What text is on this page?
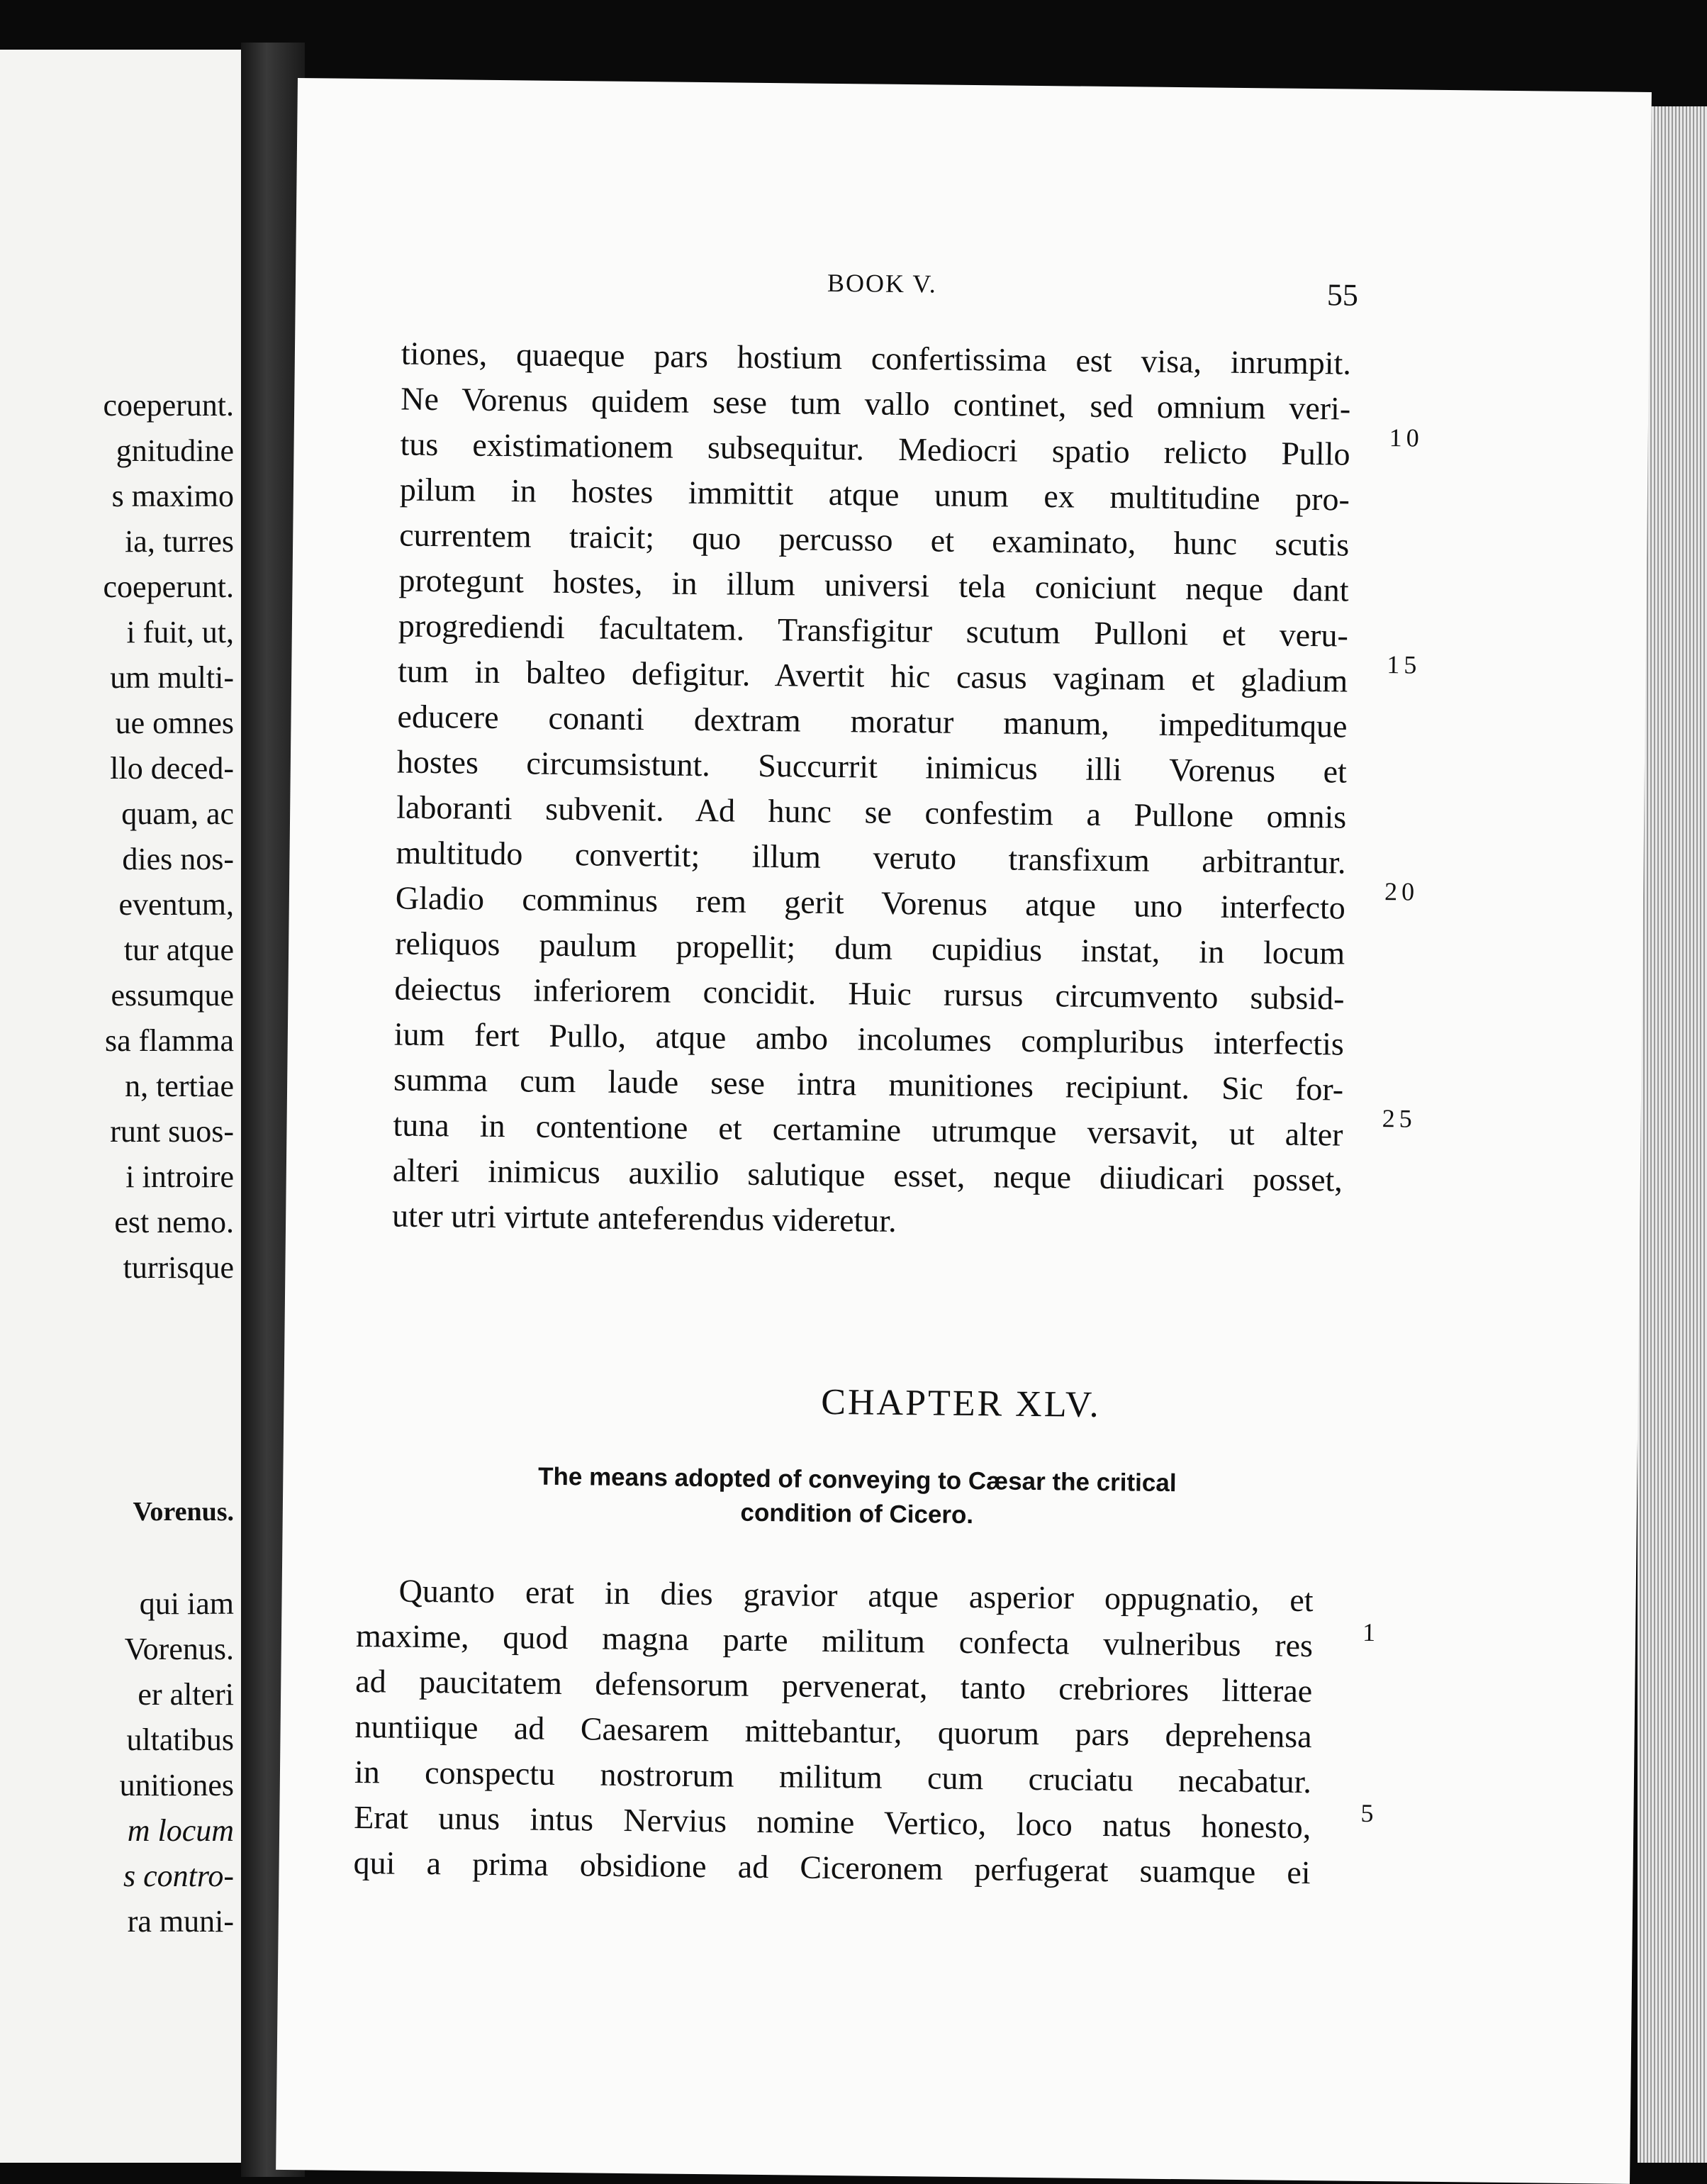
coeperunt.
gnitudine
s maximo
ia, turres
coeperunt.
i fuit, ut,
um multi-
ue omnes
llo deced-
quam, ac
dies nos-
eventum,
tur atque
essumque
sa flamma
n, tertiae
runt suos-
i introire
est nemo.
turrisque
Vorenus.
qui iam
Vorenus.
er alteri
ultatibus
unitiones
m locum
s contro-
ra muni-
BOOK V.	55
tiones, quaeque pars hostium confertissima est visa, inrumpit.
Ne Vorenus quidem sese tum vallo continet, sed omnium veri-
tus existimationem subsequitur. Mediocri spatio relicto Pullo
pilum in hostes immittit atque unum ex multitudine pro-
currentem traicit; quo percusso et examinato, hunc scutis
protegunt hostes, in illum universi tela coniciunt neque dant
progrediendi facultatem. Transfigitur scutum Pulloni et veru-
tum in balteo defigitur. Avertit hic casus vaginam et gladium
educere conanti dextram moratur manum, impeditumque
hostes circumsistunt. Succurrit inimicus illi Vorenus et
laboranti subvenit. Ad hunc se confestim a Pullone omnis
multitudo convertit; illum veruto transfixum arbitrantur.
Gladio comminus rem gerit Vorenus atque uno interfecto
reliquos paulum propellit; dum cupidius instat, in locum
deiectus inferiorem concidit. Huic rursus circumvento subsid-
ium fert Pullo, atque ambo incolumes compluribus interfectis
summa cum laude sese intra munitiones recipiunt. Sic for-
tuna in contentione et certamine utrumque versavit, ut alter
alteri inimicus auxilio salutique esset, neque diiudicari posset,
uter utri virtute anteferendus videretur.
10
15
20
25
CHAPTER XLV.
The means adopted of conveying to Cæsar the critical
condition of Cicero.
Quanto erat in dies gravior atque asperior oppugnatio, et
maxime, quod magna parte militum confecta vulneribus res
ad paucitatem defensorum pervenerat, tanto crebriores litterae
nuntiique ad Caesarem mittebantur, quorum pars deprehensa
in conspectu nostrorum militum cum cruciatu necabatur.
Erat unus intus Nervius nomine Vertico, loco natus honesto,
qui a prima obsidione ad Ciceronem perfugerat suamque ei
1
5
